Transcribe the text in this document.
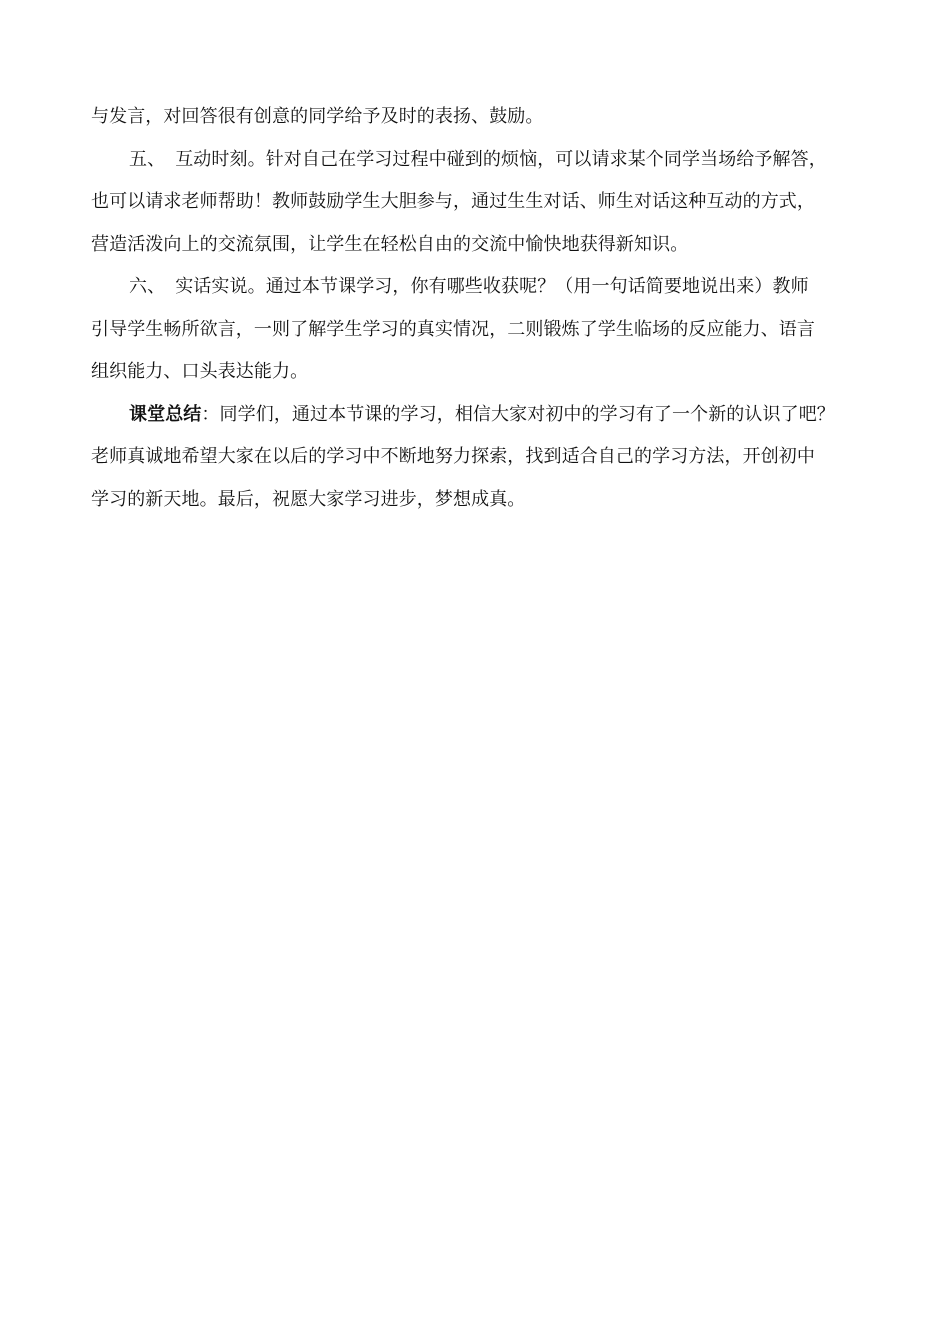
与发言，对回答很有创意的同学给予及时的表扬、鼓励。
五、 互动时刻。针对自己在学习过程中碰到的烦恼，可以请求某个同学当场给予解答，
也可以请求老师帮助！教师鼓励学生大胆参与，通过生生对话、师生对话这种互动的方式，
营造活泼向上的交流氛围，让学生在轻松自由的交流中愉快地获得新知识。
六、 实话实说。通过本节课学习，你有哪些收获呢？（用一句话简要地说出来）教师
引导学生畅所欲言，一则了解学生学习的真实情况，二则锻炼了学生临场的反应能力、语言
组织能力、口头表达能力。
课堂总结：同学们，通过本节课的学习，相信大家对初中的学习有了一个新的认识了吧？
老师真诚地希望大家在以后的学习中不断地努力探索，找到适合自己的学习方法，开创初中
学习的新天地。最后，祝愿大家学习进步，梦想成真。
